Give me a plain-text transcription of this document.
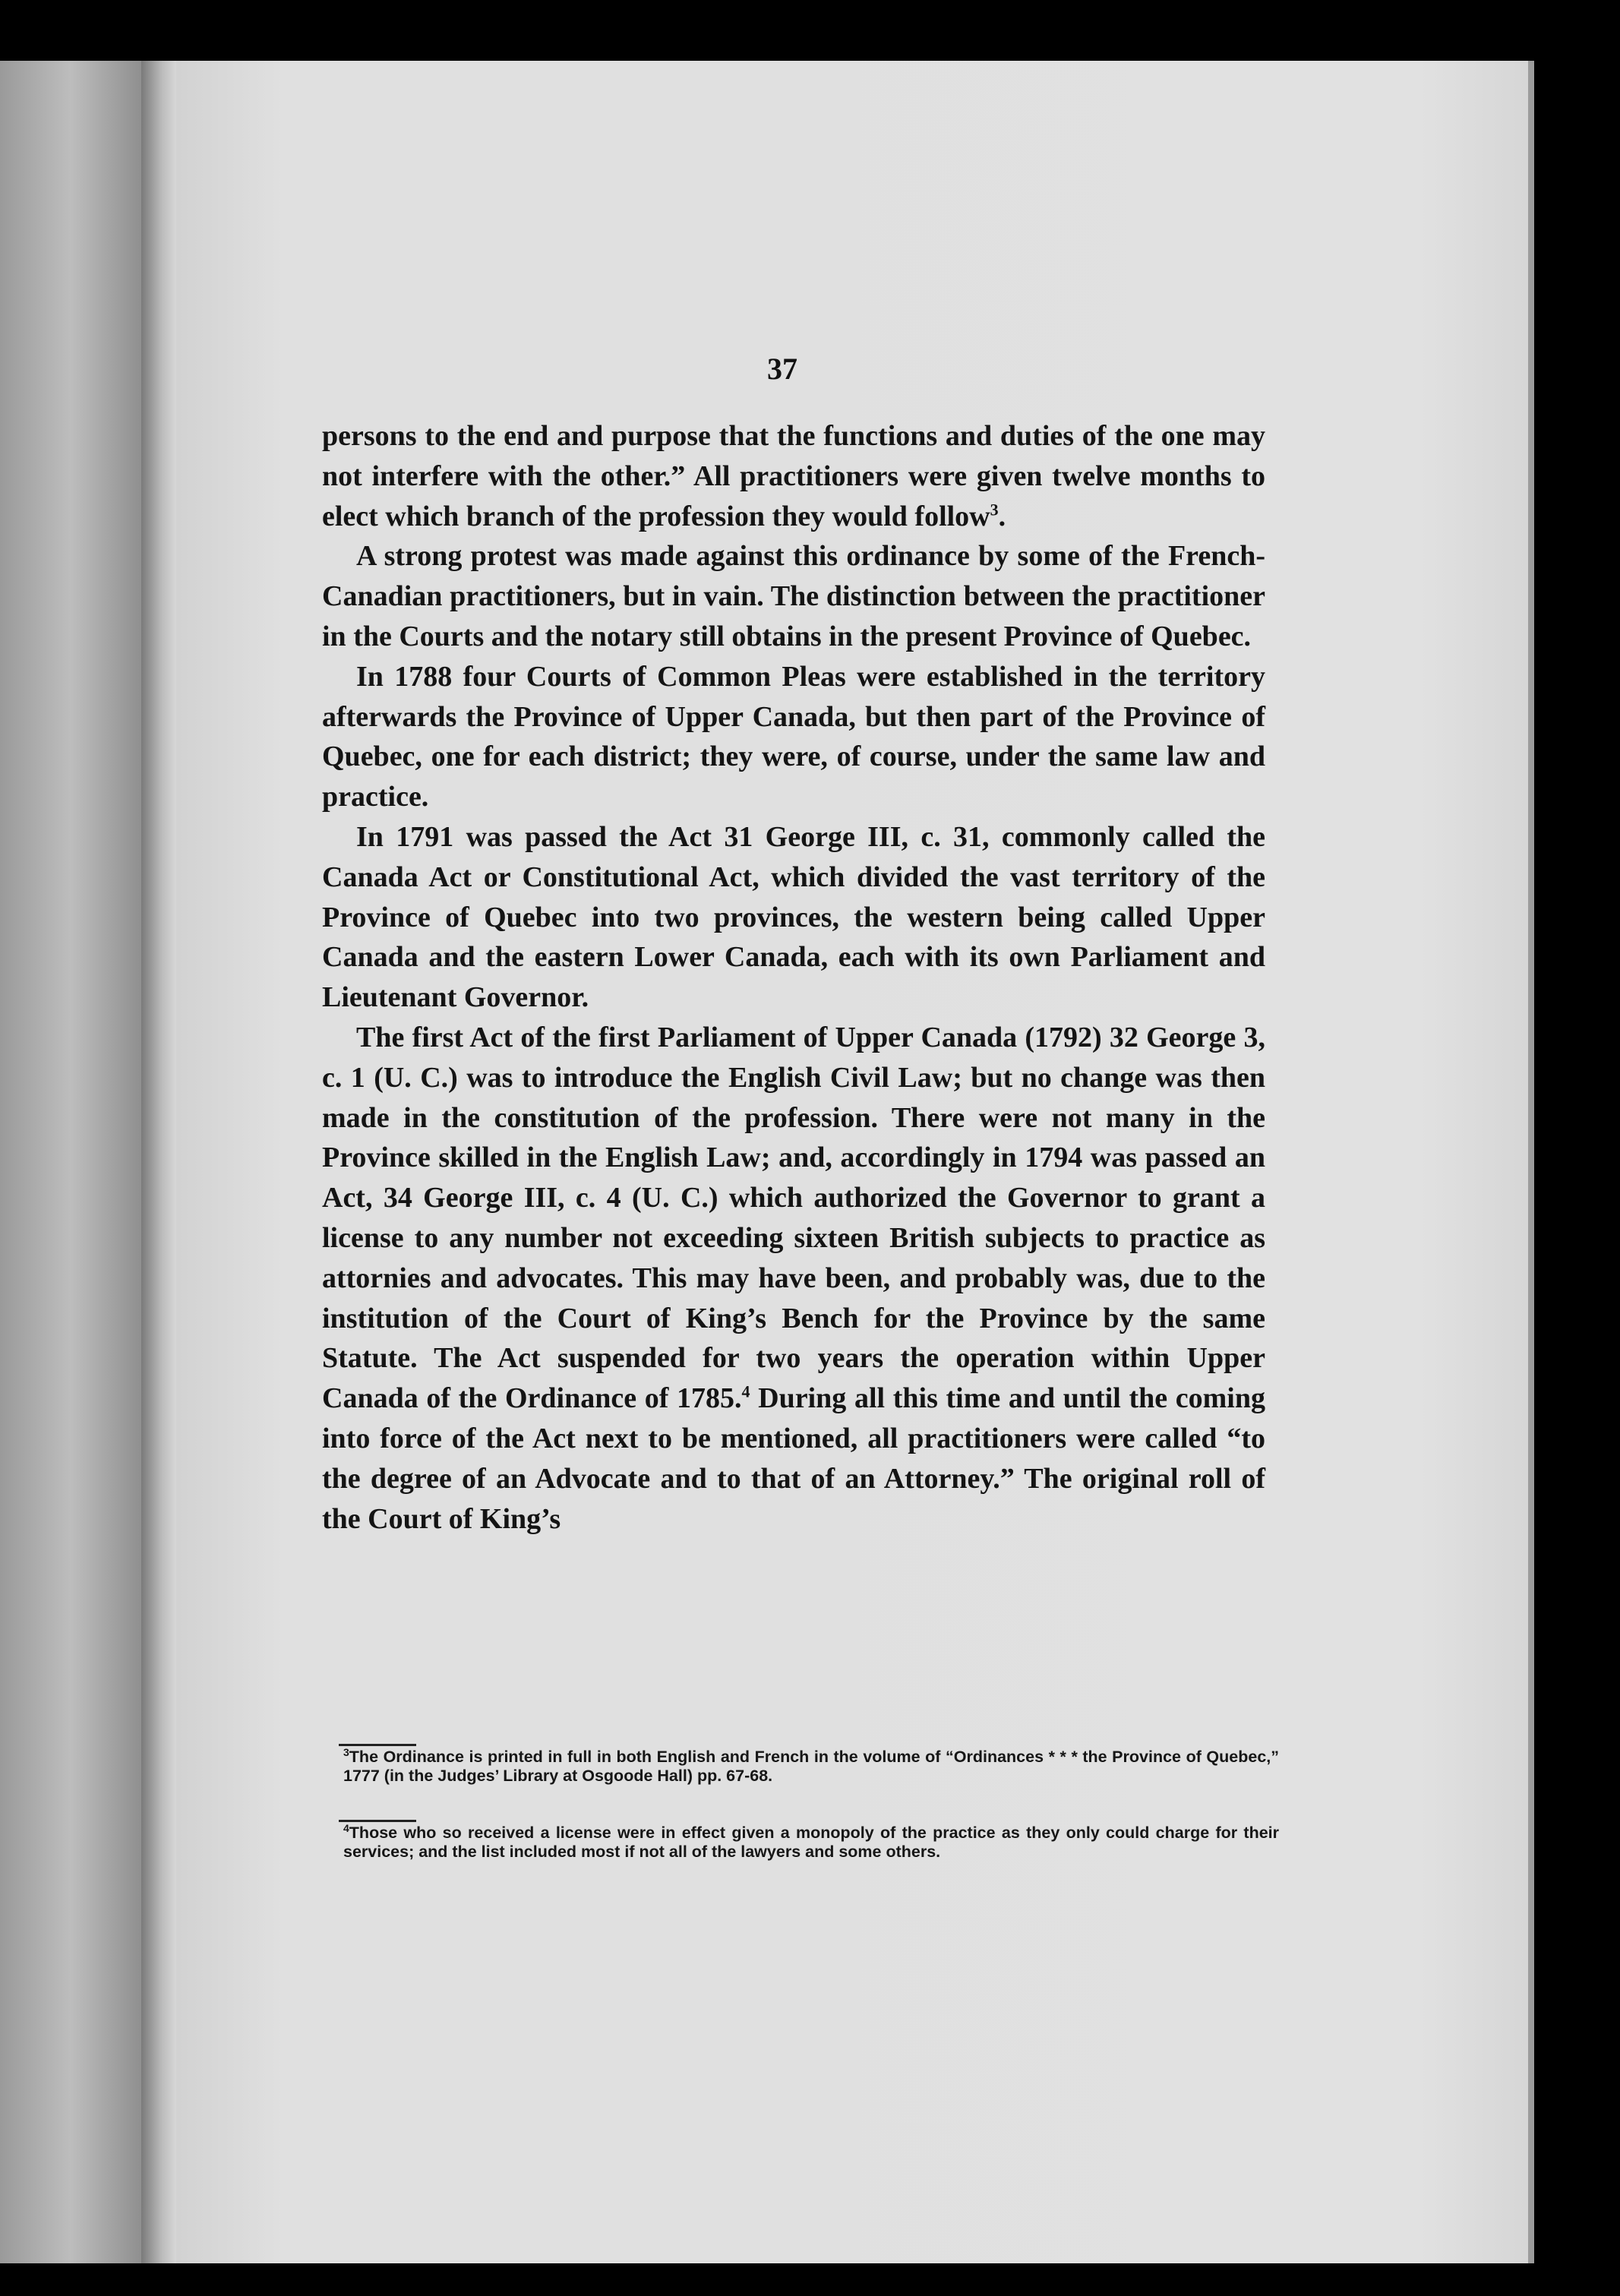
37

persons to the end and purpose that the functions and duties of the one may not interfere with the other.” All practitioners were given twelve months to elect which branch of the profession they would follow$^3$.

A strong protest was made against this ordinance by some of the French-Canadian practitioners, but in vain. The distinction between the practitioner in the Courts and the notary still obtains in the present Province of Quebec.

In 1788 four Courts of Common Pleas were established in the territory afterwards the Province of Upper Canada, but then part of the Province of Quebec, one for each district; they were, of course, under the same law and practice.

In 1791 was passed the Act 31 George III, c. 31, commonly called the Canada Act or Constitutional Act, which divided the vast territory of the Province of Quebec into two provinces, the western being called Upper Canada and the eastern Lower Canada, each with its own Parliament and Lieutenant Governor.

The first Act of the first Parliament of Upper Canada (1792) 32 George 3, c. 1 (U. C.) was to introduce the English Civil Law; but no change was then made in the constitution of the profession. There were not many in the Province skilled in the English Law; and, accordingly in 1794 was passed an Act, 34 George III, c. 4 (U. C.) which authorized the Governor to grant a license to any number not exceeding sixteen British subjects to practice as attornies and advocates. This may have been, and probably was, due to the institution of the Court of King’s Bench for the Province by the same Statute. The Act suspended for two years the operation within Upper Canada of the Ordinance of 1785.$^4$ During all this time and until the coming into force of the Act next to be mentioned, all practitioners were called “to the degree of an Advocate and to that of an Attorney.” The original roll of the Court of King’s

$^3$The Ordinance is printed in full in both English and French in the volume of “Ordinances * * * the Province of Quebec,” 1777 (in the Judges’ Library at Osgoode Hall) pp. 67-68.
$^4$Those who so received a license were in effect given a monopoly of the practice as they only could charge for their services; and the list included most if not all of the lawyers and some others.
